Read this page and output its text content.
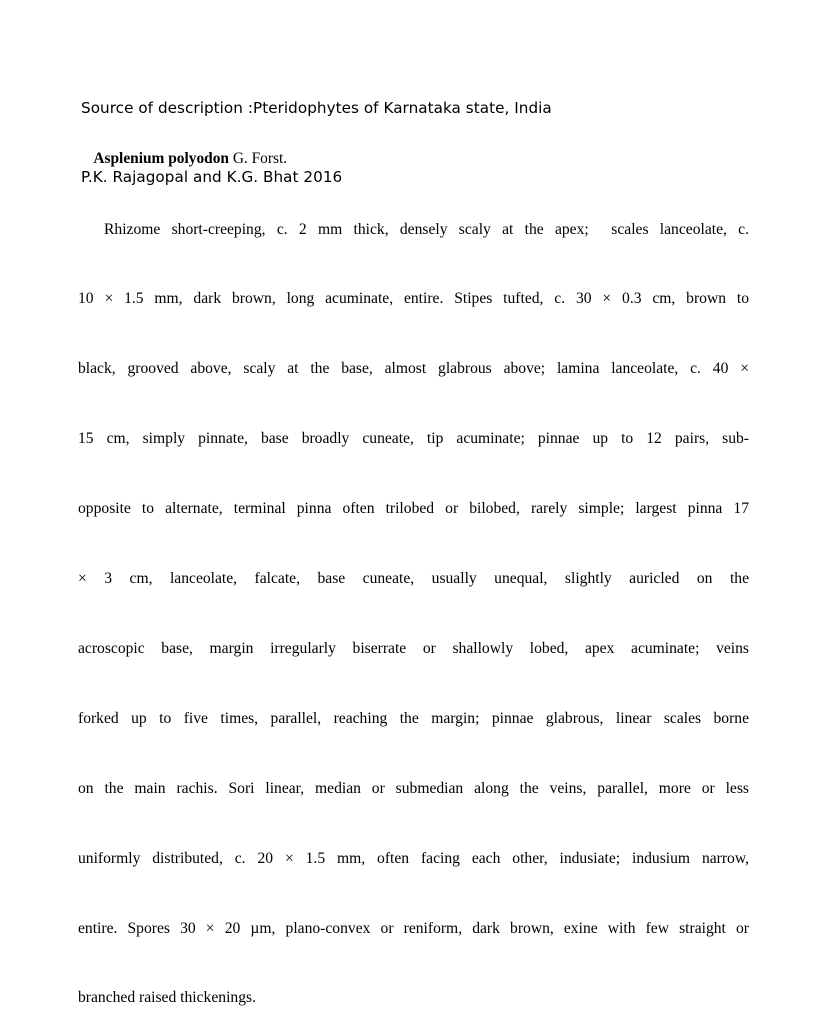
Source of description :Pteridophytes of Karnataka state, India

P.K. Rajagopal and K.G. Bhat 2016

Asplenium polyodon G. Forst.

Rhizome short-creeping, c. 2 mm thick, densely scaly at the apex;  scales lanceolate, c.

10 × 1.5 mm, dark brown, long acuminate, entire. Stipes tufted, c. 30 × 0.3 cm, brown to

black, grooved above, scaly at the base, almost glabrous above; lamina lanceolate, c. 40 ×

15 cm, simply pinnate, base broadly cuneate, tip acuminate; pinnae up to 12 pairs, sub-

opposite to alternate, terminal pinna often trilobed or bilobed, rarely simple; largest pinna 17

× 3 cm, lanceolate, falcate, base cuneate, usually unequal, slightly auricled on the

acroscopic base, margin irregularly biserrate or shallowly lobed, apex acuminate; veins

forked up to five times, parallel, reaching the margin; pinnae glabrous, linear scales borne

on the main rachis. Sori linear, median or submedian along the veins, parallel, more or less

uniformly distributed, c. 20 × 1.5 mm, often facing each other, indusiate; indusium narrow,

entire. Spores 30 × 20 µm, plano-convex or reniform, dark brown, exine with few straight or

branched raised thickenings.
